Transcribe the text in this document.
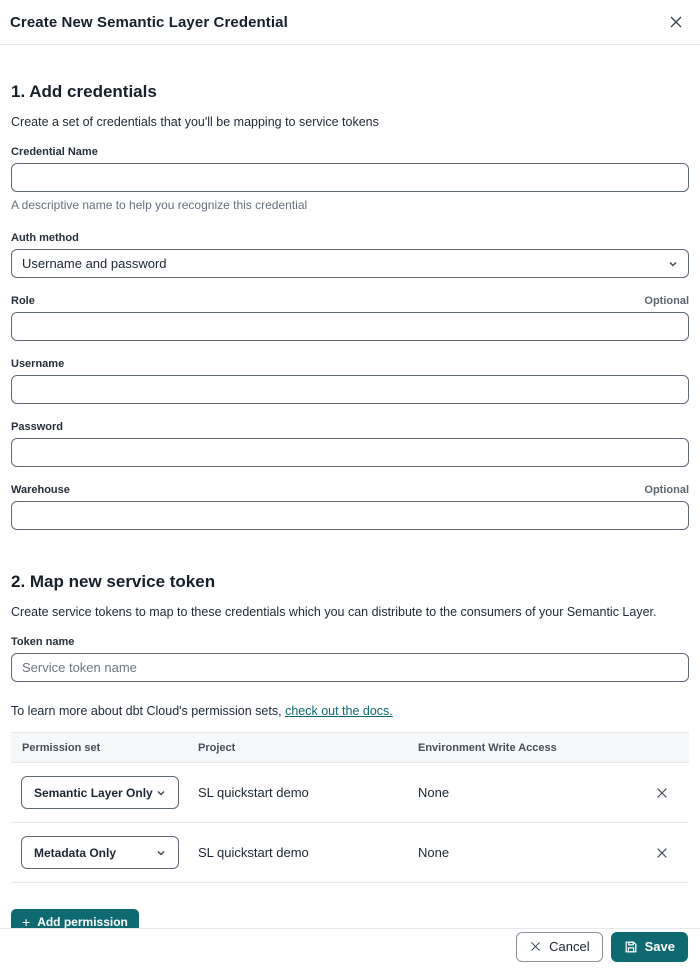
Create New Semantic Layer Credential
1. Add credentials
Create a set of credentials that you'll be mapping to service tokens
Credential Name
A descriptive name to help you recognize this credential
Auth method
Username and password
Role	Optional
Username
Password
Warehouse	Optional
2. Map new service token
Create service tokens to map to these credentials which you can distribute to the consumers of your Semantic Layer.
Token name
Service token name
To learn more about dbt Cloud's permission sets, check out the docs.
Permission set	Project	Environment Write Access
Semantic Layer Only	SL quickstart demo	None
Metadata Only	SL quickstart demo	None
+ Add permission
Cancel	Save
